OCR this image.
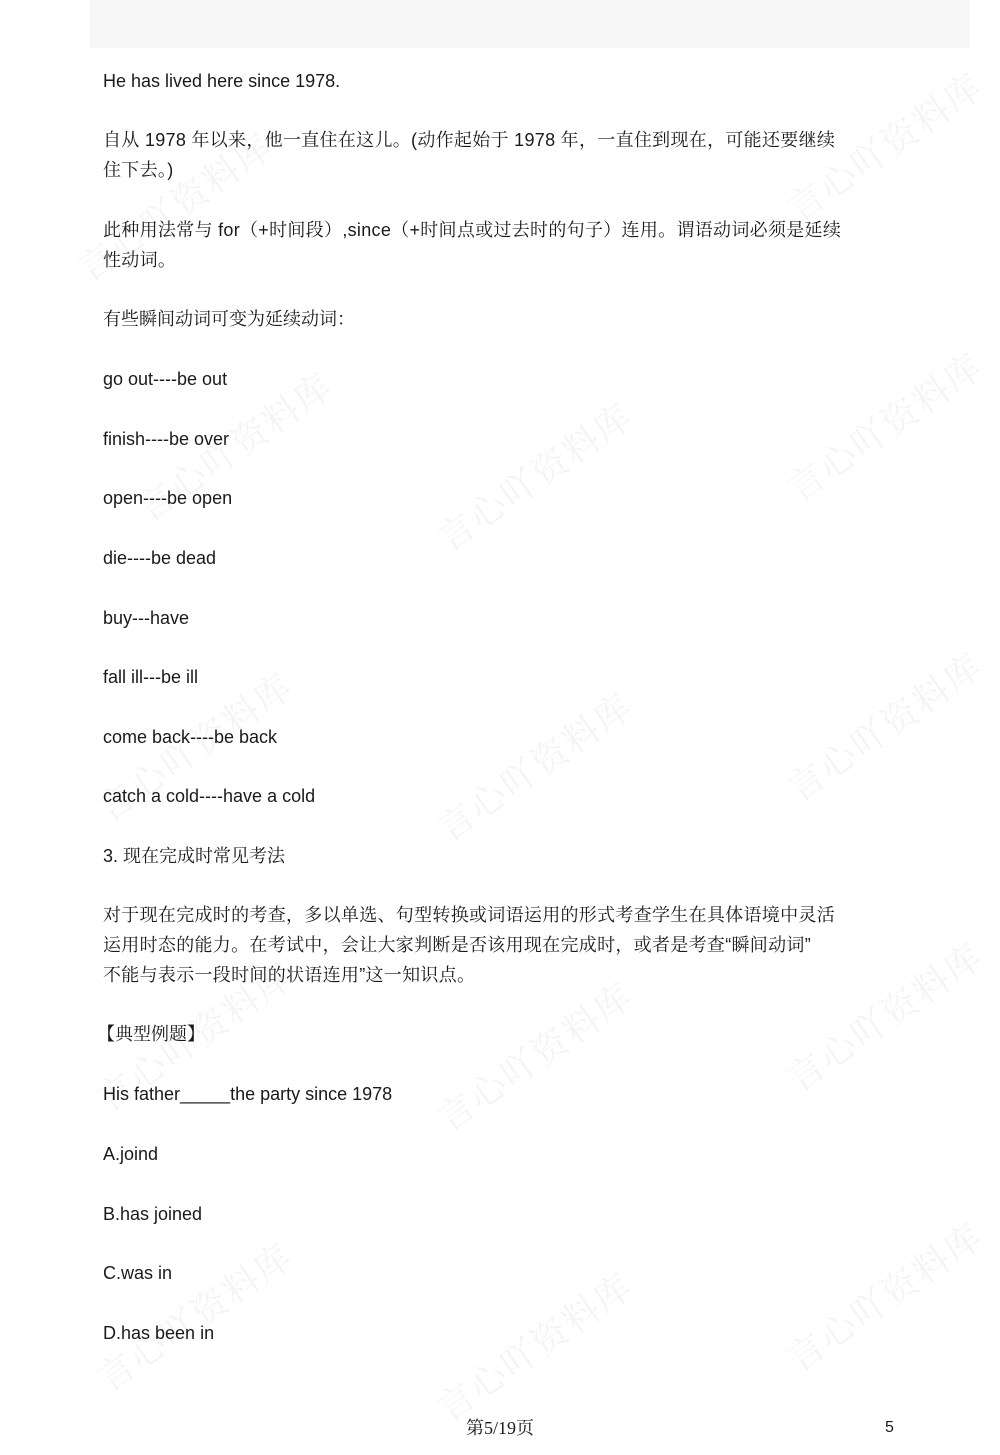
He has lived here since 1978.
自从 1978 年以来，他一直住在这儿。(动作起始于 1978 年，一直住到现在，可能还要继续
住下去。)
此种用法常与 for（+时间段）,since（+时间点或过去时的句子）连用。谓语动词必须是延续
性动词。
有些瞬间动词可变为延续动词：
go out----be out
finish----be over
open----be open
die----be dead
buy---have
fall ill---be ill
come back----be back
catch a cold----have a cold
3. 现在完成时常见考法
对于现在完成时的考查，多以单选、句型转换或词语运用的形式考查学生在具体语境中灵活
运用时态的能力。在考试中，会让大家判断是否该用现在完成时，或者是考查“瞬间动词”
不能与表示一段时间的状语连用”这一知识点。
【典型例题】
His father_____the party since 1978
A.joind
B.has joined
C.was in
D.has been in
第5/19页	5
